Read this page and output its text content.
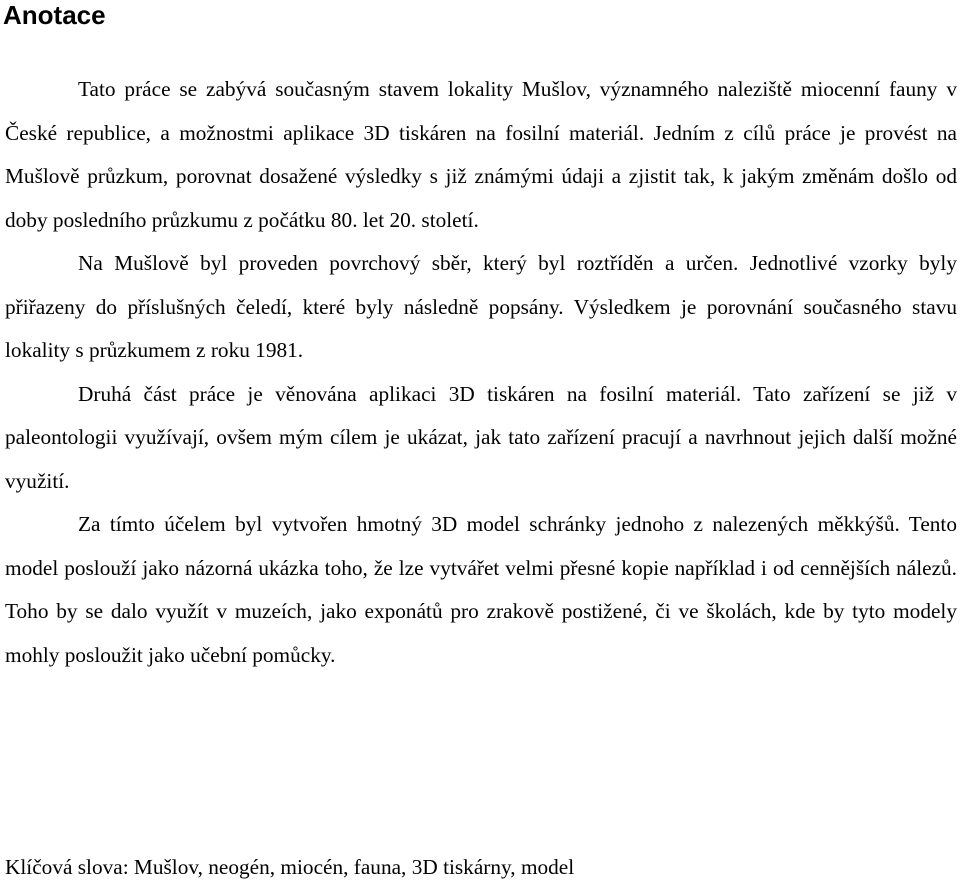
Anotace

Tato práce se zabývá současným stavem lokality Mušlov, významného naleziště miocenní fauny v České republice, a možnostmi aplikace 3D tiskáren na fosilní materiál. Jedním z cílů práce je provést na Mušlově průzkum, porovnat dosažené výsledky s již známými údaji a zjistit tak, k jakým změnám došlo od doby posledního průzkumu z počátku 80. let 20. století.

Na Mušlově byl proveden povrchový sběr, který byl roztříděn a určen. Jednotlivé vzorky byly přiřazeny do příslušných čeledí, které byly následně popsány. Výsledkem je porovnání současného stavu lokality s průzkumem z roku 1981.

Druhá část práce je věnována aplikaci 3D tiskáren na fosilní materiál. Tato zařízení se již v paleontologii využívají, ovšem mým cílem je ukázat, jak tato zařízení pracují a navrhnout jejich další možné využití.

Za tímto účelem byl vytvořen hmotný 3D model schránky jednoho z nalezených měkkýšů. Tento model poslouží jako názorná ukázka toho, že lze vytvářet velmi přesné kopie například i od cennějších nálezů. Toho by se dalo využít v muzeích, jako exponátů pro zrakově postižené, či ve školách, kde by tyto modely mohly posloužit jako učební pomůcky.

Klíčová slova: Mušlov, neogén, miocén, fauna, 3D tiskárny, model
